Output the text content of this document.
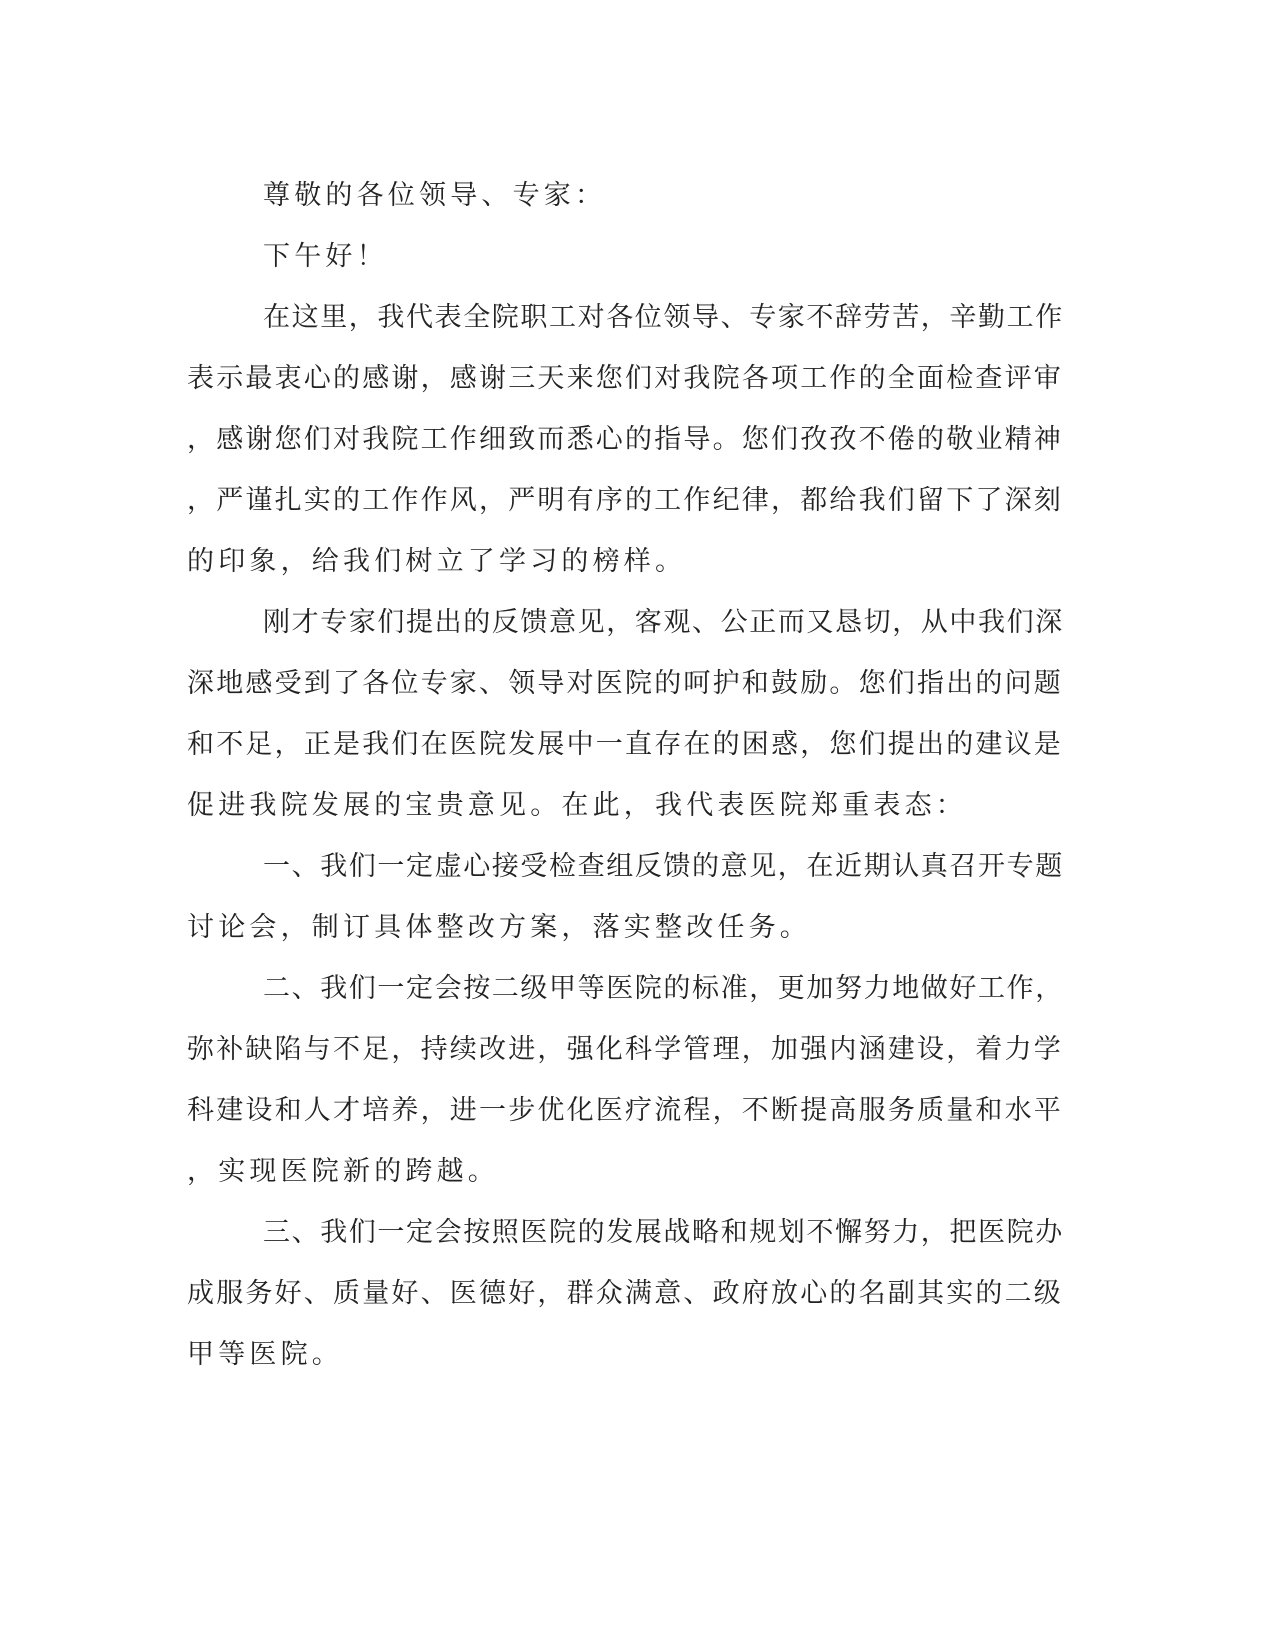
尊敬的各位领导、专家：
下午好！
在这里，我代表全院职工对各位领导、专家不辞劳苦，辛勤工作
表示最衷心的感谢，感谢三天来您们对我院各项工作的全面检查评审
，感谢您们对我院工作细致而悉心的指导。您们孜孜不倦的敬业精神
，严谨扎实的工作作风，严明有序的工作纪律，都给我们留下了深刻
的印象，给我们树立了学习的榜样。
刚才专家们提出的反馈意见，客观、公正而又恳切，从中我们深
深地感受到了各位专家、领导对医院的呵护和鼓励。您们指出的问题
和不足，正是我们在医院发展中一直存在的困惑，您们提出的建议是
促进我院发展的宝贵意见。在此，我代表医院郑重表态：
一、我们一定虚心接受检查组反馈的意见，在近期认真召开专题
讨论会，制订具体整改方案，落实整改任务。
二、我们一定会按二级甲等医院的标准，更加努力地做好工作，
弥补缺陷与不足，持续改进，强化科学管理，加强内涵建设，着力学
科建设和人才培养，进一步优化医疗流程，不断提高服务质量和水平
，实现医院新的跨越。
三、我们一定会按照医院的发展战略和规划不懈努力，把医院办
成服务好、质量好、医德好，群众满意、政府放心的名副其实的二级
甲等医院。
